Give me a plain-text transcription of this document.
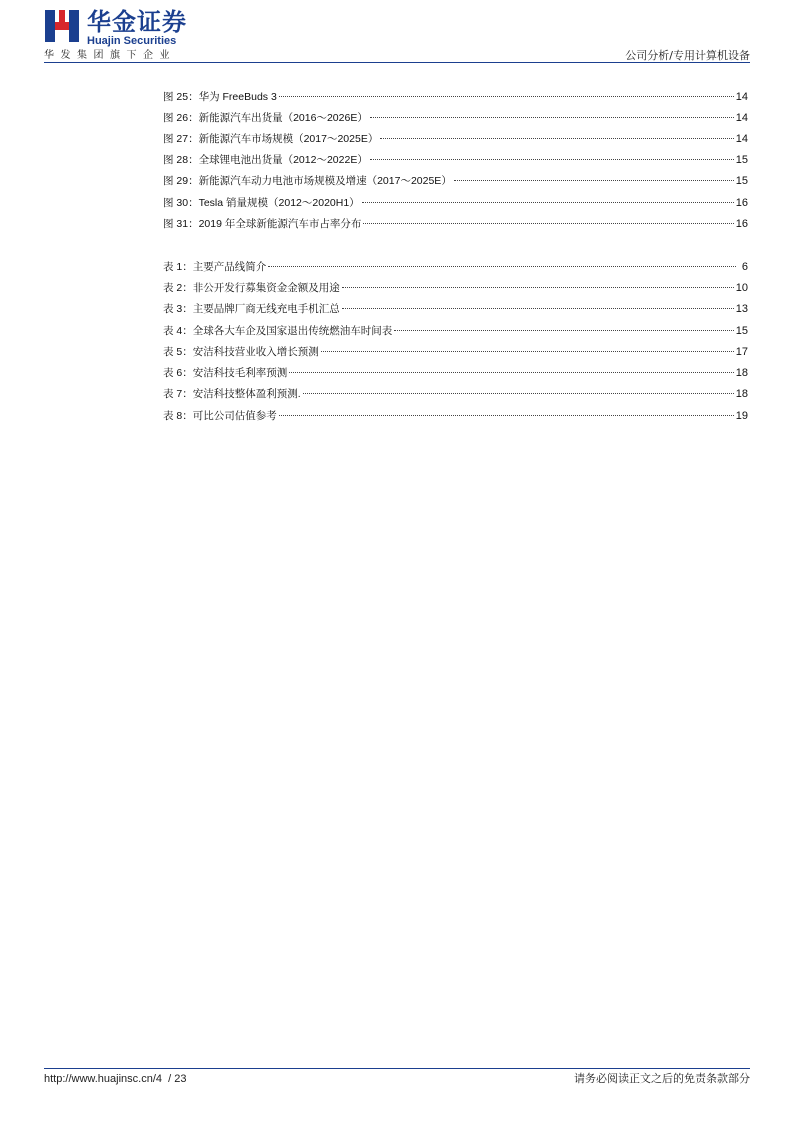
华金证券
Huajin Securities
华发集团旗下企业	公司分析/专用计算机设备
图 25：华为 FreeBuds 3	14
图 26：新能源汽车出货量（2016～2026E）	14
图 27：新能源汽车市场规模（2017～2025E）	14
图 28：全球锂电池出货量（2012～2022E）	15
图 29：新能源汽车动力电池市场规模及增速（2017～2025E）	15
图 30：Tesla 销量规模（2012～2020H1）	16
图 31：2019 年全球新能源汽车市占率分布	16
表 1：主要产品线简介	6
表 2：非公开发行募集资金金额及用途	10
表 3：主要品牌厂商无线充电手机汇总	13
表 4：全球各大车企及国家退出传统燃油车时间表	15
表 5：安洁科技营业收入增长预测	17
表 6：安洁科技毛利率预测	18
表 7：安洁科技整体盈利预测.	18
表 8：可比公司估值参考	19
http://www.huajinsc.cn/4  / 23	请务必阅读正文之后的免责条款部分
